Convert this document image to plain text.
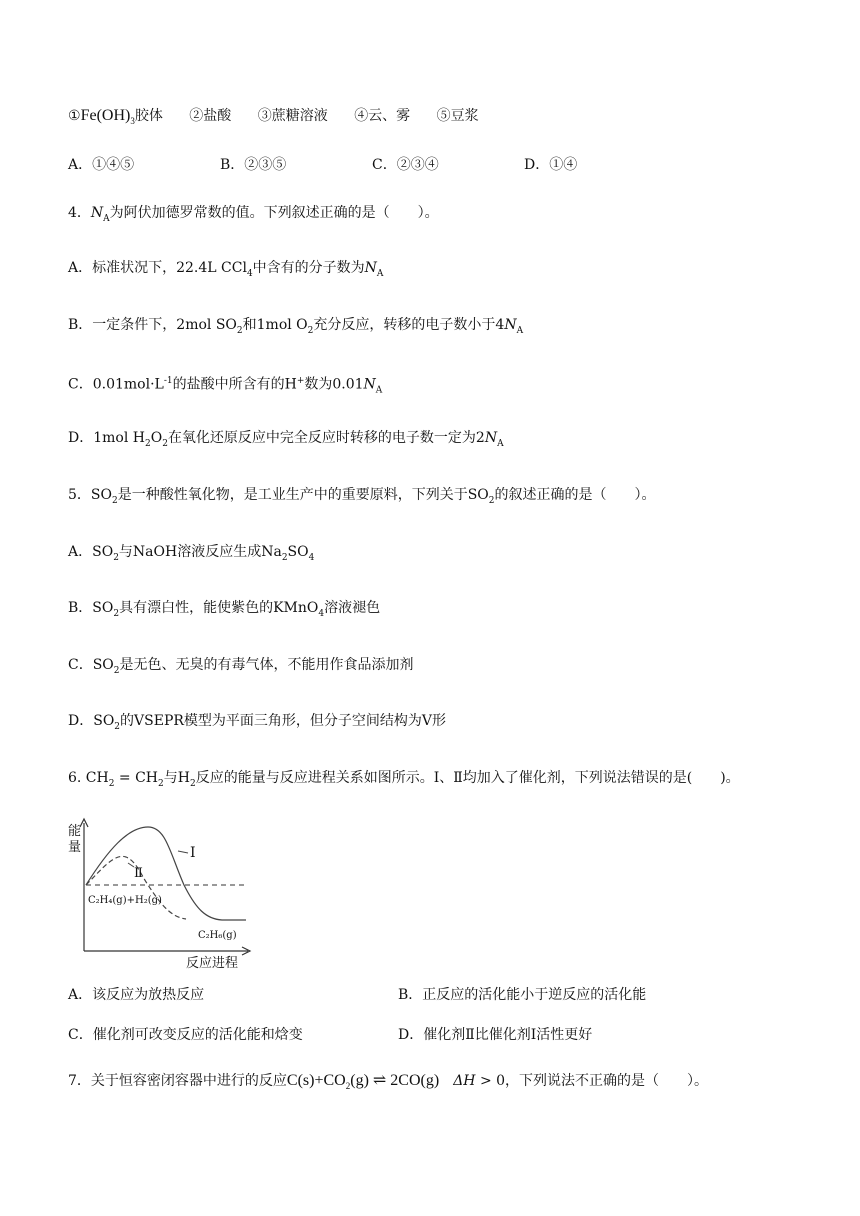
$①Fe(OH)_3$胶体 ②盐酸 ③蔗糖溶液 ④云、雾 ⑤豆浆
A．①④⑤	B．②③⑤	C．②③④	D．①④
4．$N_A$为阿伏加德罗常数的值。下列叙述正确的是（　　）。
A．标准状况下，22.4L CCl$_4$中含有的分子数为$N_A$
B．一定条件下，2mol $SO_2$和1mol $O_2$充分反应，转移的电子数小于$4N_A$
C．$0.01mol\cdot L^{-1}$的盐酸中所含有的H+数为$0.01N_A$
D．1mol $H_2O_2$在氧化还原反应中完全反应时转移的电子数一定为$2N_A$
5．$SO_2$是一种酸性氧化物，是工业生产中的重要原料，下列关于$SO_2$的叙述正确的是（　　）。
A．$SO_2$与NaOH溶液反应生成$Na_2SO_4$
B．$SO_2$具有漂白性，能使紫色的KMnO$_4$溶液褪色
C．$SO_2$是无色、无臭的有毒气体，不能用作食品添加剂
D．$SO_2$的VSEPR模型为平面三角形，但分子空间结构为V形
6. $CH_2 = CH_2$与$H_2$反应的能量与反应进程关系如图所示。Ⅰ、Ⅱ均加入了催化剂，下列说法错误的是(　　)。
能
量	Ⅰ
Ⅱ
C₂H₄(g)+H₂(g)
C₂H₆(g)
反应进程
A．该反应为放热反应	B．正反应的活化能小于逆反应的活化能
C．催化剂可改变反应的活化能和焓变	D．催化剂Ⅱ比催化剂Ⅰ活性更好
7．关于恒容密闭容器中进行的反应$C(s)+CO_2(g)$ ⇌ 2CO(g)　 ΔH > 0，下列说法不正确的是（　　）。
